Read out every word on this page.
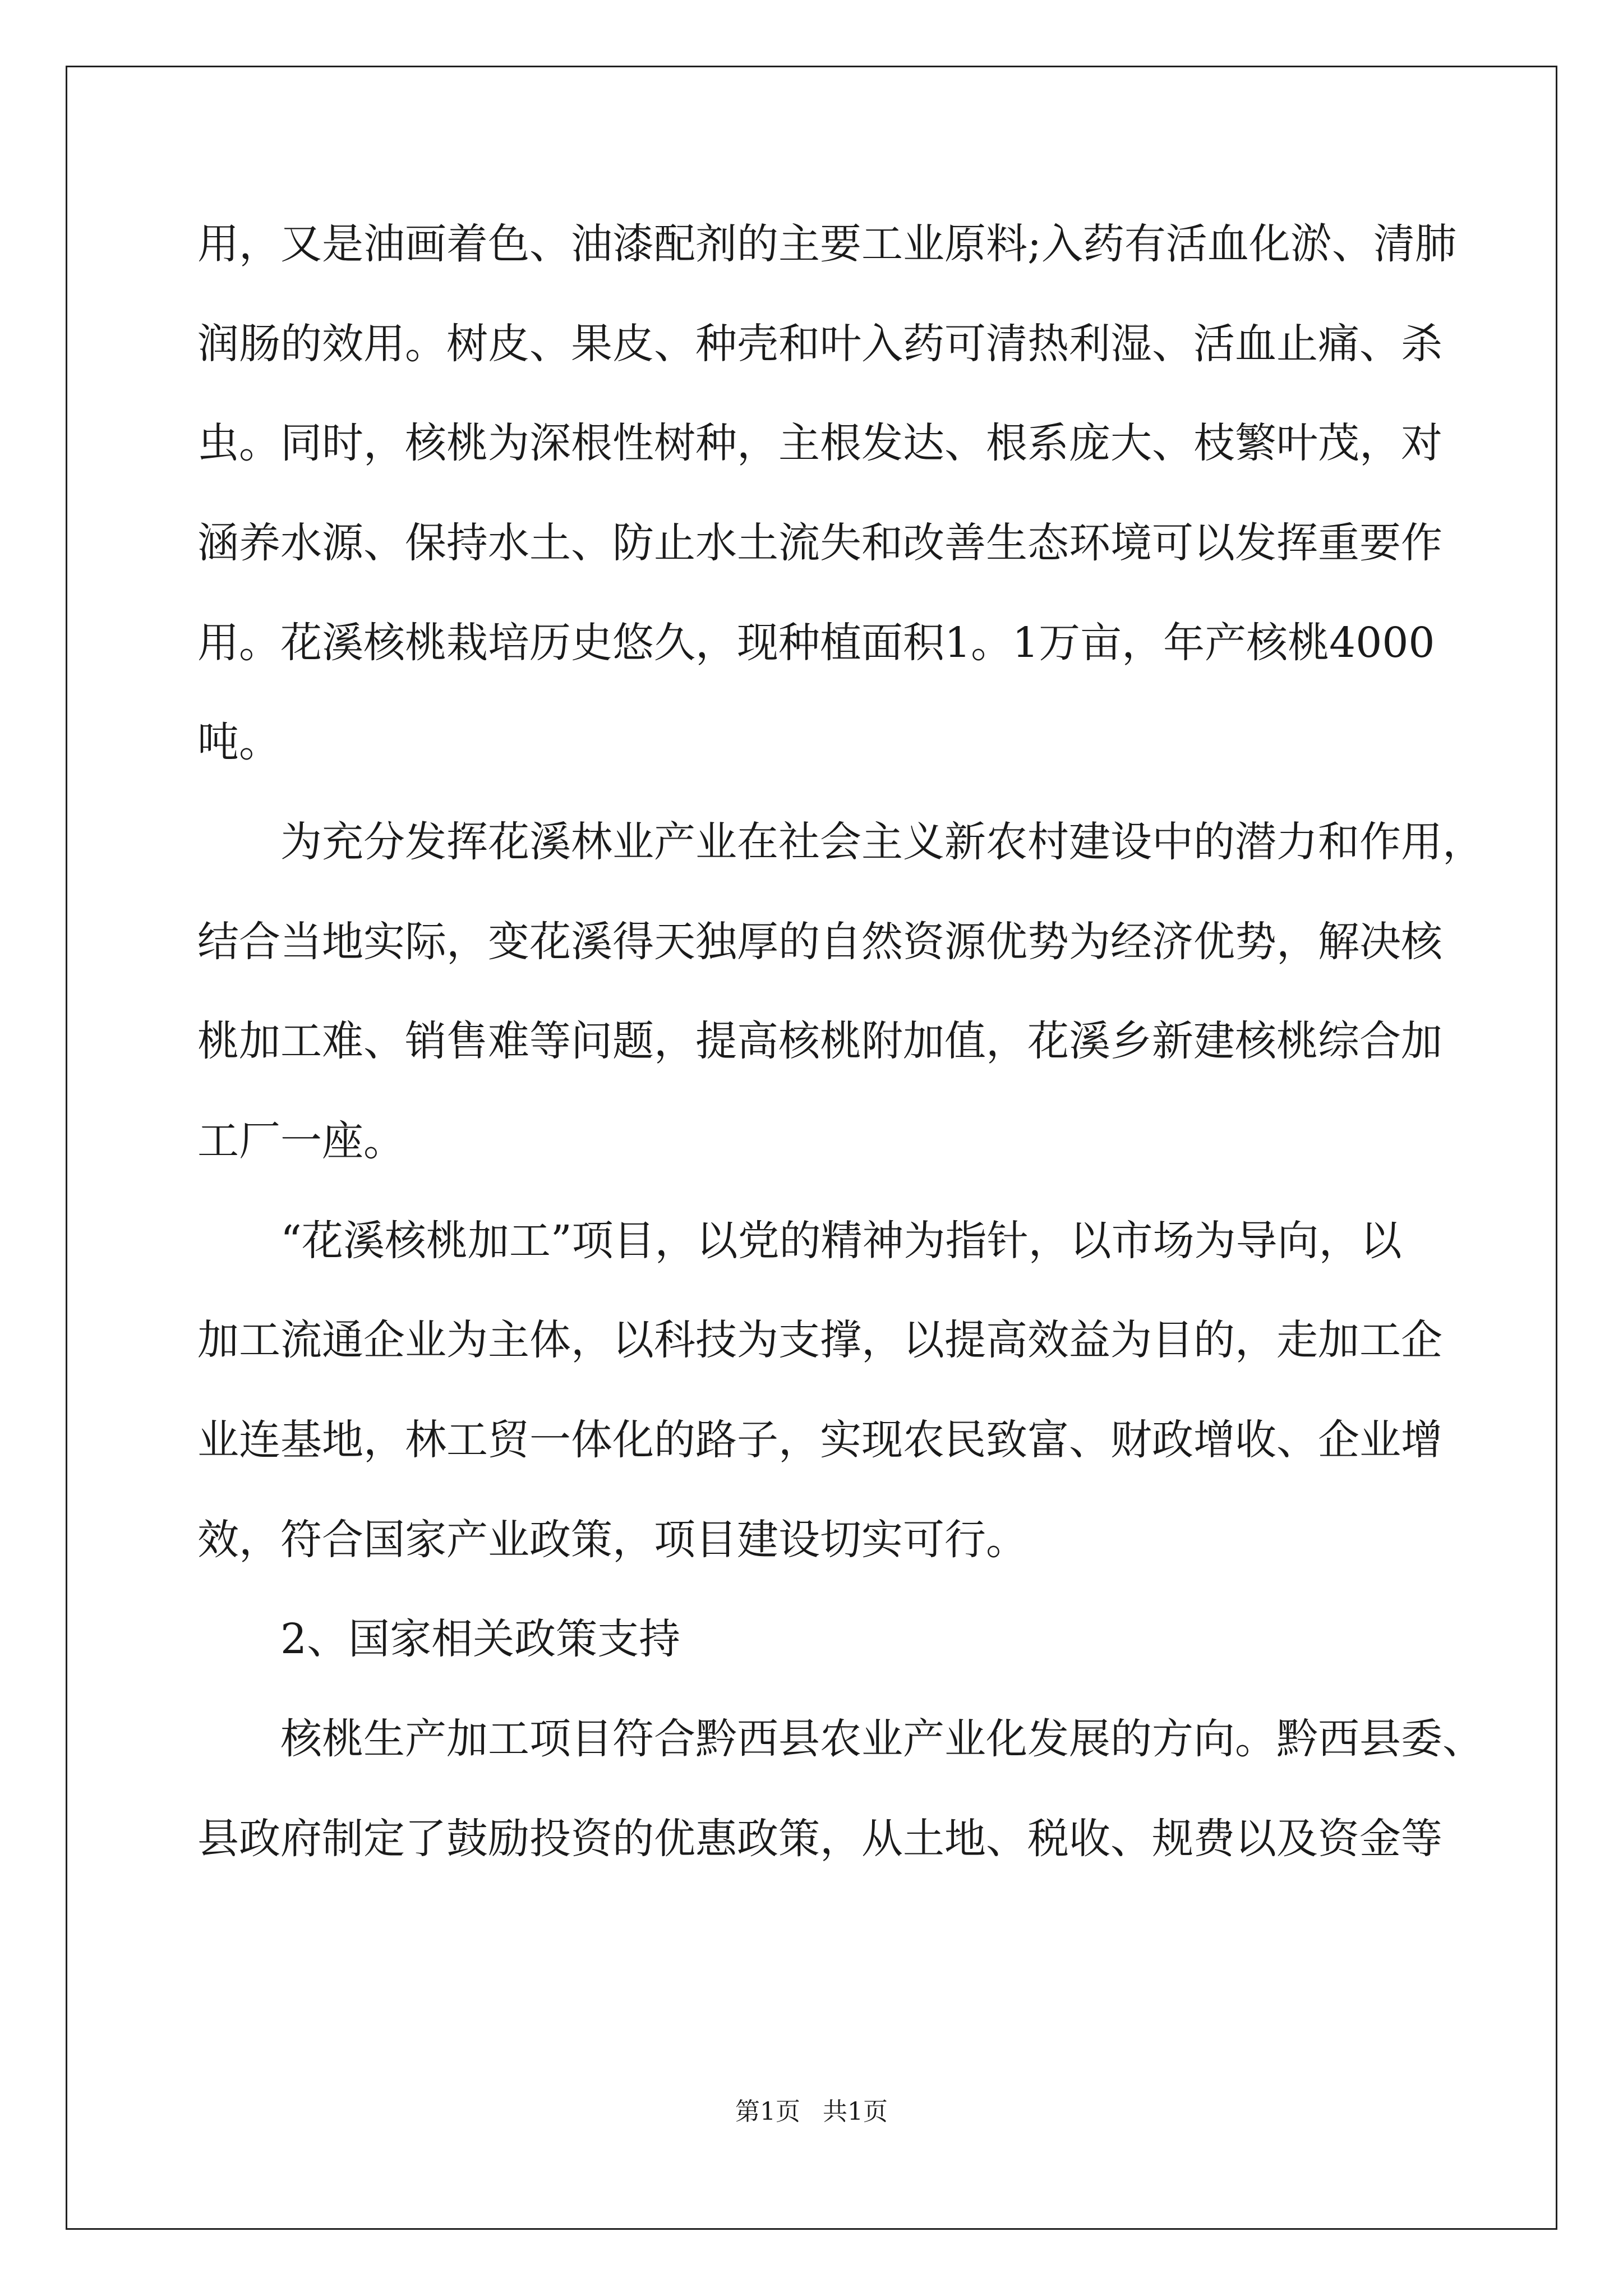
用，又是油画着色、油漆配剂的主要工业原料;入药有活血化淤、清肺
润肠的效用。树皮、果皮、种壳和叶入药可清热利湿、活血止痛、杀
虫。同时，核桃为深根性树种，主根发达、根系庞大、枝繁叶茂，对
涵养水源、保持水土、防止水土流失和改善生态环境可以发挥重要作
用。花溪核桃栽培历史悠久，现种植面积1。1万亩，年产核桃4000
吨。
为充分发挥花溪林业产业在社会主义新农村建设中的潜力和作用，
结合当地实际，变花溪得天独厚的自然资源优势为经济优势，解决核
桃加工难、销售难等问题，提高核桃附加值，花溪乡新建核桃综合加
工厂一座。
“花溪核桃加工”项目，以党的精神为指针，以市场为导向，以
加工流通企业为主体，以科技为支撑，以提高效益为目的，走加工企
业连基地，林工贸一体化的路子，实现农民致富、财政增收、企业增
效，符合国家产业政策，项目建设切实可行。
2、国家相关政策支持
核桃生产加工项目符合黔西县农业产业化发展的方向。黔西县委、
县政府制定了鼓励投资的优惠政策，从土地、税收、规费以及资金等
第1页 共1页
